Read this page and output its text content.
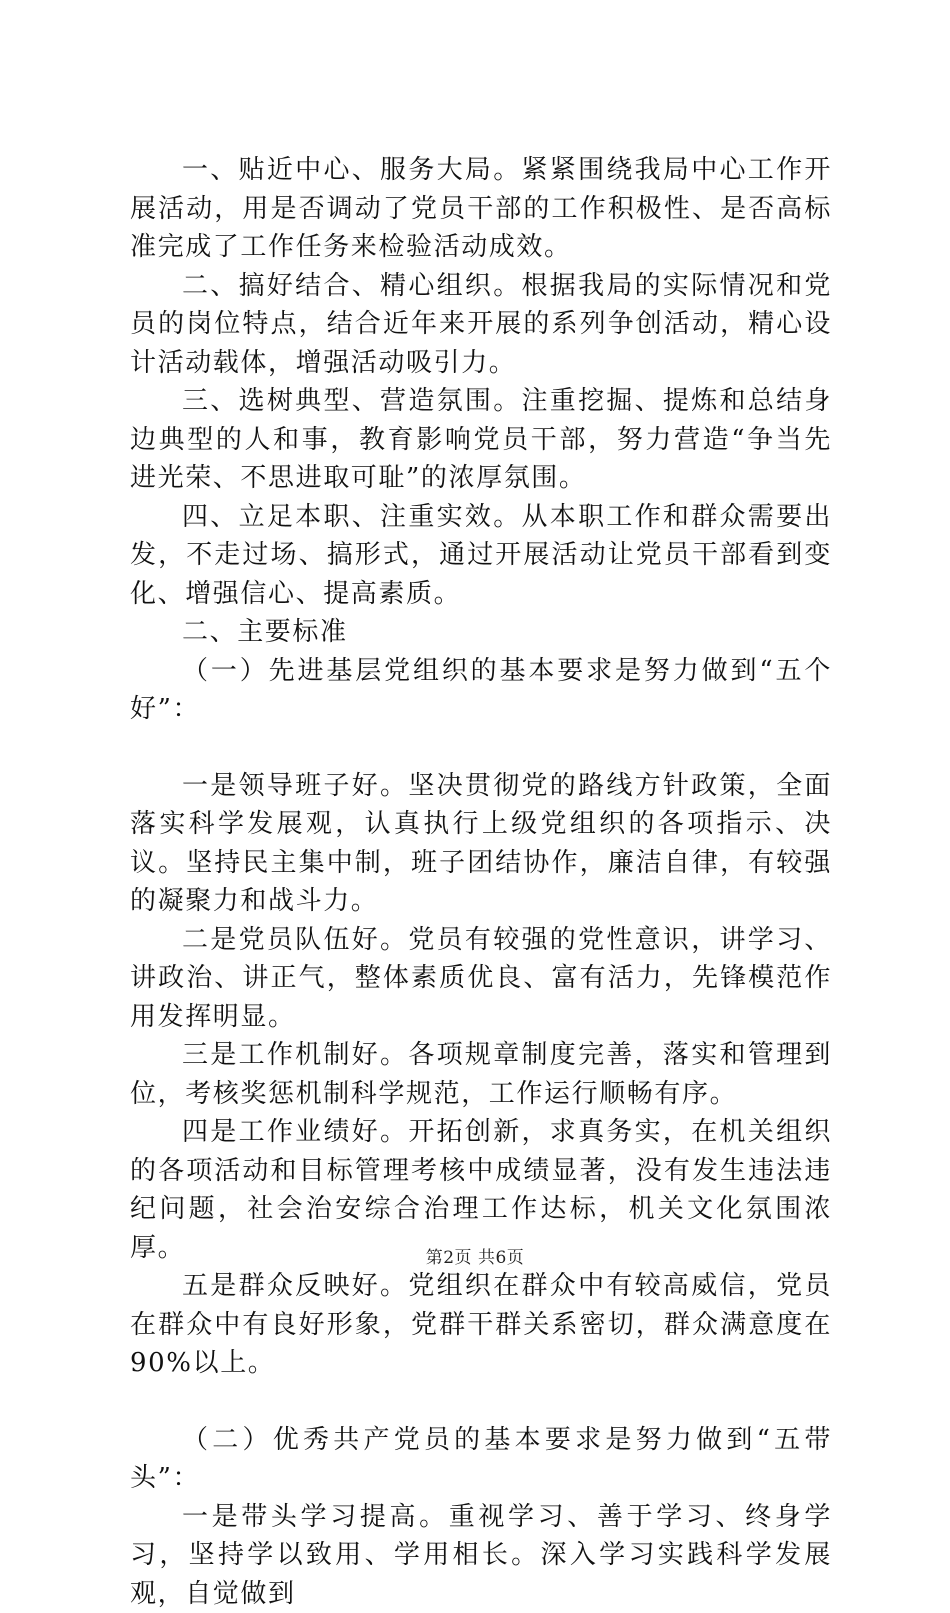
一、贴近中心、服务大局。紧紧围绕我局中心工作开展活动，用是否调动了党员干部的工作积极性、是否高标准完成了工作任务来检验活动成效。

二、搞好结合、精心组织。根据我局的实际情况和党员的岗位特点，结合近年来开展的系列争创活动，精心设计活动载体，增强活动吸引力。

三、选树典型、营造氛围。注重挖掘、提炼和总结身边典型的人和事，教育影响党员干部，努力营造“争当先进光荣、不思进取可耻”的浓厚氛围。

四、立足本职、注重实效。从本职工作和群众需要出发，不走过场、搞形式，通过开展活动让党员干部看到变化、增强信心、提高素质。

二、主要标准

（一）先进基层党组织的基本要求是努力做到“五个好”：

一是领导班子好。坚决贯彻党的路线方针政策，全面落实科学发展观，认真执行上级党组织的各项指示、决议。坚持民主集中制，班子团结协作，廉洁自律，有较强的凝聚力和战斗力。

二是党员队伍好。党员有较强的党性意识，讲学习、讲政治、讲正气，整体素质优良、富有活力，先锋模范作用发挥明显。

三是工作机制好。各项规章制度完善，落实和管理到位，考核奖惩机制科学规范，工作运行顺畅有序。

四是工作业绩好。开拓创新，求真务实，在机关组织的各项活动和目标管理考核中成绩显著，没有发生违法违纪问题，社会治安综合治理工作达标，机关文化氛围浓厚。

五是群众反映好。党组织在群众中有较高威信，党员在群众中有良好形象，党群干群关系密切，群众满意度在90%以上。

（二）优秀共产党员的基本要求是努力做到“五带头”：

一是带头学习提高。重视学习、善于学习、终身学习，坚持学以致用、学用相长。深入学习实践科学发展观，自觉做到

第2页 共6页
